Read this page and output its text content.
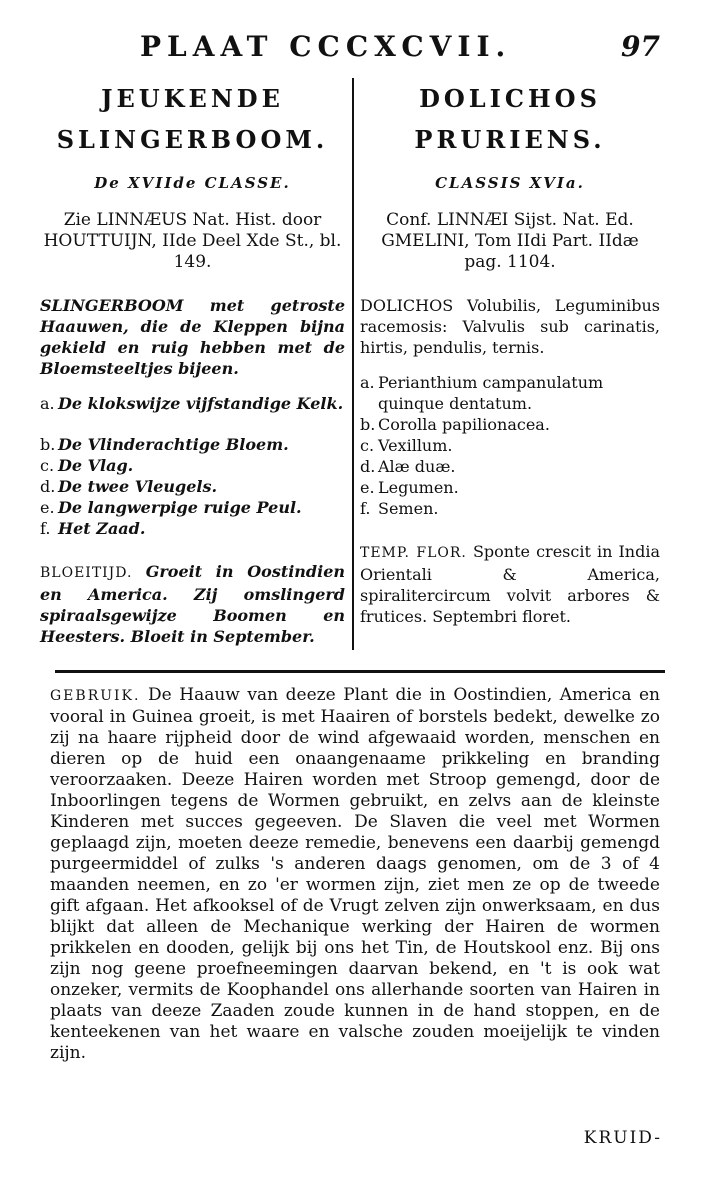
PLAAT CCCXCVII.	97
JEUKENDE
SLINGERBOOM.
De XVIIde CLASSE.
Zie LINNÆUS Nat. Hist. door HOUTTUIJN, IIde Deel Xde St., bl. 149.
SLINGERBOOM met getroste Haauwen, die de Kleppen bijna gekield en ruig hebben met de Bloemsteeltjes bijeen.
a. De klokswijze vijfstandige Kelk.
b. De Vlinderachtige Bloem.
c. De Vlag.
d. De twee Vleugels.
e. De langwerpige ruige Peul.
f. Het Zaad.
BLOEITIJD. Groeit in Oostindien en America. Zij omslingerd spiraalsgewijze Boomen en Heesters. Bloeit in September.
DOLICHOS
PRURIENS.
CLASSIS XVIa.
Conf. LINNÆI Sijst. Nat. Ed. GMELINI, Tom IIdi Part. IIdæ pag. 1104.
DOLICHOS Volubilis, Leguminibus racemosis: Valvulis sub carinatis, hirtis, pendulis, ternis.
a. Perianthium campanulatum quinque dentatum.
b. Corolla papilionacea.
c. Vexillum.
d. Alæ duæ.
e. Legumen.
f. Semen.
TEMP. FLOR. Sponte crescit in India Orientali & America, spiralitercircum volvit arbores & frutices. Septembri floret.
GEBRUIK. De Haauw van deeze Plant die in Oostindien, America en vooral in Guinea groeit, is met Haairen of borstels bedekt, dewelke zo zij na haare rijpheid door de wind afgewaaid worden, menschen en dieren op de huid een onaangenaame prikkeling en branding veroorzaaken. Deeze Hairen worden met Stroop gemengd, door de Inboorlingen tegens de Wormen gebruikt, en zelvs aan de kleinste Kinderen met succes gegeeven. De Slaven die veel met Wormen geplaagd zijn, moeten deeze remedie, benevens een daarbij gemengd purgeermiddel of zulks 's anderen daags genomen, om de 3 of 4 maanden neemen, en zo 'er wormen zijn, ziet men ze op de tweede gift afgaan. Het afkooksel of de Vrugt zelven zijn onwerksaam, en dus blijkt dat alleen de Mechanique werking der Hairen de wormen prikkelen en dooden, gelijk bij ons het Tin, de Houtskool enz. Bij ons zijn nog geene proefneemingen daarvan bekend, en 't is ook wat onzeker, vermits de Koophandel ons allerhande soorten van Hairen in plaats van deeze Zaaden zoude kunnen in de hand stoppen, en de kenteekenen van het waare en valsche zouden moeijelijk te vinden zijn.
KRUID-
